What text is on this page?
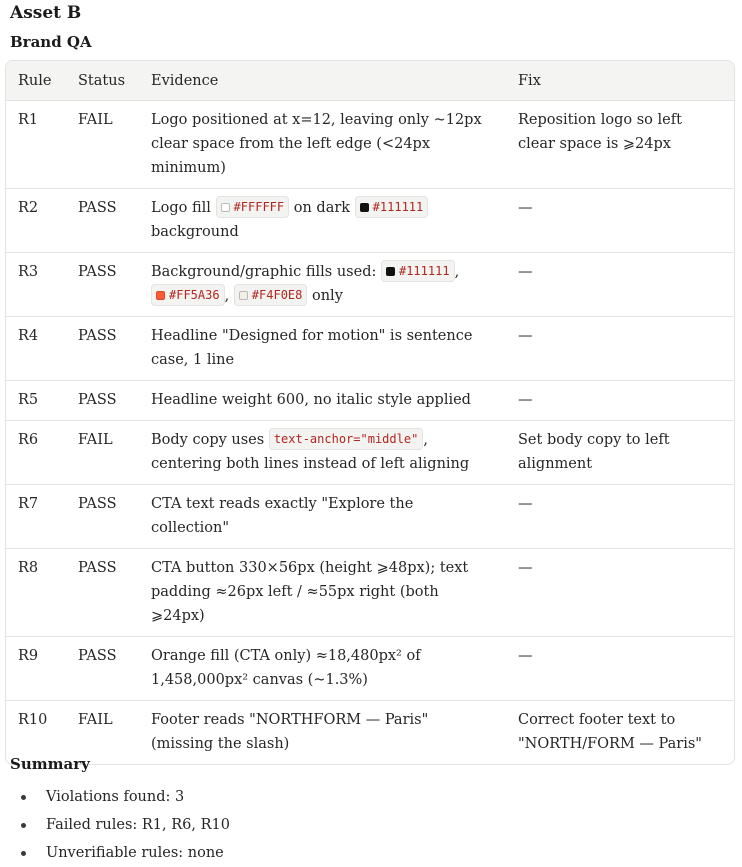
Asset B
Brand QA
Rule	Status	Evidence	Fix
R1	FAIL	Logo positioned at x=12, leaving only ~12px clear space from the left edge (<24px minimum)	Reposition logo so left clear space is ⩾24px
R2	PASS	Logo fill #FFFFFF on dark #111111 background	—
R3	PASS	Background/graphic fills used: #111111 , #FF5A36 , #F4F0E8 only	—
R4	PASS	Headline "Designed for motion" is sentence case, 1 line	—
R5	PASS	Headline weight 600, no italic style applied	—
R6	FAIL	Body copy uses text-anchor="middle" , centering both lines instead of left aligning	Set body copy to left alignment
R7	PASS	CTA text reads exactly "Explore the collection"	—
R8	PASS	CTA button 330×56px (height ⩾48px); text padding ≈26px left / ≈55px right (both ⩾24px)	—
R9	PASS	Orange fill (CTA only) ≈18,480px² of 1,458,000px² canvas (~1.3%)	—
R10	FAIL	Footer reads "NORTHFORM — Paris" (missing the slash)	Correct footer text to "NORTH/FORM — Paris"
Summary
Violations found: 3
Failed rules: R1, R6, R10
Unverifiable rules: none
